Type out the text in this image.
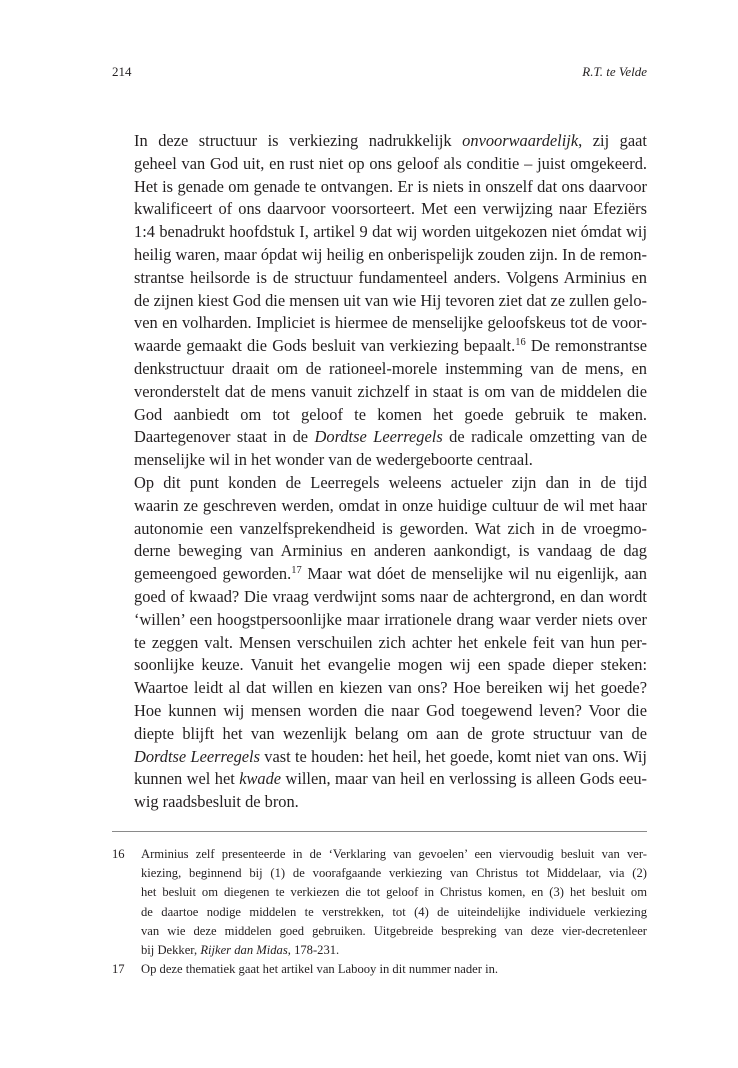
214	R.T. te Velde

In deze structuur is verkiezing nadrukkelijk onvoorwaardelijk, zij gaat
geheel van God uit, en rust niet op ons geloof als conditie – juist omgekeerd.
Het is genade om genade te ontvangen. Er is niets in onszelf dat ons daarvoor
kwalificeert of ons daarvoor voorsorteert. Met een verwijzing naar Efeziërs
1:4 benadrukt hoofdstuk I, artikel 9 dat wij worden uitgekozen niet ómdat wij
heilig waren, maar ópdat wij heilig en onberispelijk zouden zijn. In de remon-
strantse heilsorde is de structuur fundamenteel anders. Volgens Arminius en
de zijnen kiest God die mensen uit van wie Hij tevoren ziet dat ze zullen gelo-
ven en volharden. Impliciet is hiermee de menselijke geloofskeus tot de voor-
waarde gemaakt die Gods besluit van verkiezing bepaalt.$^{16}$ De remonstrantse
denkstructuur draait om de rationeel-morele instemming van de mens, en
veronderstelt dat de mens vanuit zichzelf in staat is om van de middelen die
God aanbiedt om tot geloof te komen het goede gebruik te maken.
Daartegenover staat in de Dordtse Leerregels de radicale omzetting van de
menselijke wil in het wonder van de wedergeboorte centraal.

Op dit punt konden de Leerregels weleens actueler zijn dan in de tijd
waarin ze geschreven werden, omdat in onze huidige cultuur de wil met haar
autonomie een vanzelfsprekendheid is geworden. Wat zich in de vroegmo-
derne beweging van Arminius en anderen aankondigt, is vandaag de dag
gemeengoed geworden.$^{17}$ Maar wat dóet de menselijke wil nu eigenlijk, aan
goed of kwaad? Die vraag verdwijnt soms naar de achtergrond, en dan wordt
‘willen’ een hoogstpersoonlijke maar irrationele drang waar verder niets over
te zeggen valt. Mensen verschuilen zich achter het enkele feit van hun per-
soonlijke keuze. Vanuit het evangelie mogen wij een spade dieper steken:
Waartoe leidt al dat willen en kiezen van ons? Hoe bereiken wij het goede?
Hoe kunnen wij mensen worden die naar God toegewend leven? Voor die
diepte blijft het van wezenlijk belang om aan de grote structuur van de
Dordtse Leerregels vast te houden: het heil, het goede, komt niet van ons. Wij
kunnen wel het kwade willen, maar van heil en verlossing is alleen Gods eeu-
wig raadsbesluit de bron.

16 Arminius zelf presenteerde in de ‘Verklaring van gevoelen’ een viervoudig besluit van ver-
kiezing, beginnend bij (1) de voorafgaande verkiezing van Christus tot Middelaar, via (2)
het besluit om diegenen te verkiezen die tot geloof in Christus komen, en (3) het besluit om
de daartoe nodige middelen te verstrekken, tot (4) de uiteindelijke individuele verkiezing
van wie deze middelen goed gebruiken. Uitgebreide bespreking van deze vier-decretenleer
bij Dekker, Rijker dan Midas, 178-231.
17 Op deze thematiek gaat het artikel van Labooy in dit nummer nader in.
